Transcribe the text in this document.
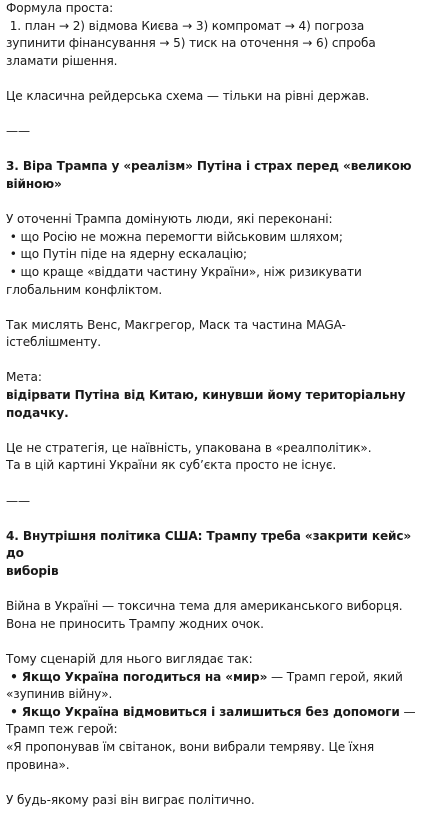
Формула проста:

1. план → 2) відмова Києва → 3) компромат → 4) погроза

зупинити фінансування → 5) тиск на оточення → 6) спроба

зламати рішення.

Це класична рейдерська схема — тільки на рівні держав.

——

3. Віра Трампа у «реалізм» Путіна і страх перед «великою

війною»

У оточенні Трампа домінують люди, які переконані:

• що Росію не можна перемогти військовим шляхом;

• що Путін піде на ядерну ескалацію;

• що краще «віддати частину України», ніж ризикувати

глобальним конфліктом.

Так мислять Венс, Макгрегор, Маск та частина MAGA-

істеблішменту.

Мета:

відірвати Путіна від Китаю, кинувши йому територіальну

подачку.

Це не стратегія, це наївність, упакована в «реалполітик».

Та в цій картині України як суб’єкта просто не існує.

——

4. Внутрішня політика США: Трампу треба «закрити кейс» до

виборів

Війна в Україні — токсична тема для американського виборця.

Вона не приносить Трампу жодних очок.

Тому сценарій для нього виглядає так:

• Якщо Україна погодиться на «мир» — Трамп герой, який

«зупинив війну».

• Якщо Україна відмовиться і залишиться без допомоги —

Трамп теж герой:

«Я пропонував їм світанок, вони вибрали темряву. Це їхня

провина».

У будь-якому разі він виграє політично.
